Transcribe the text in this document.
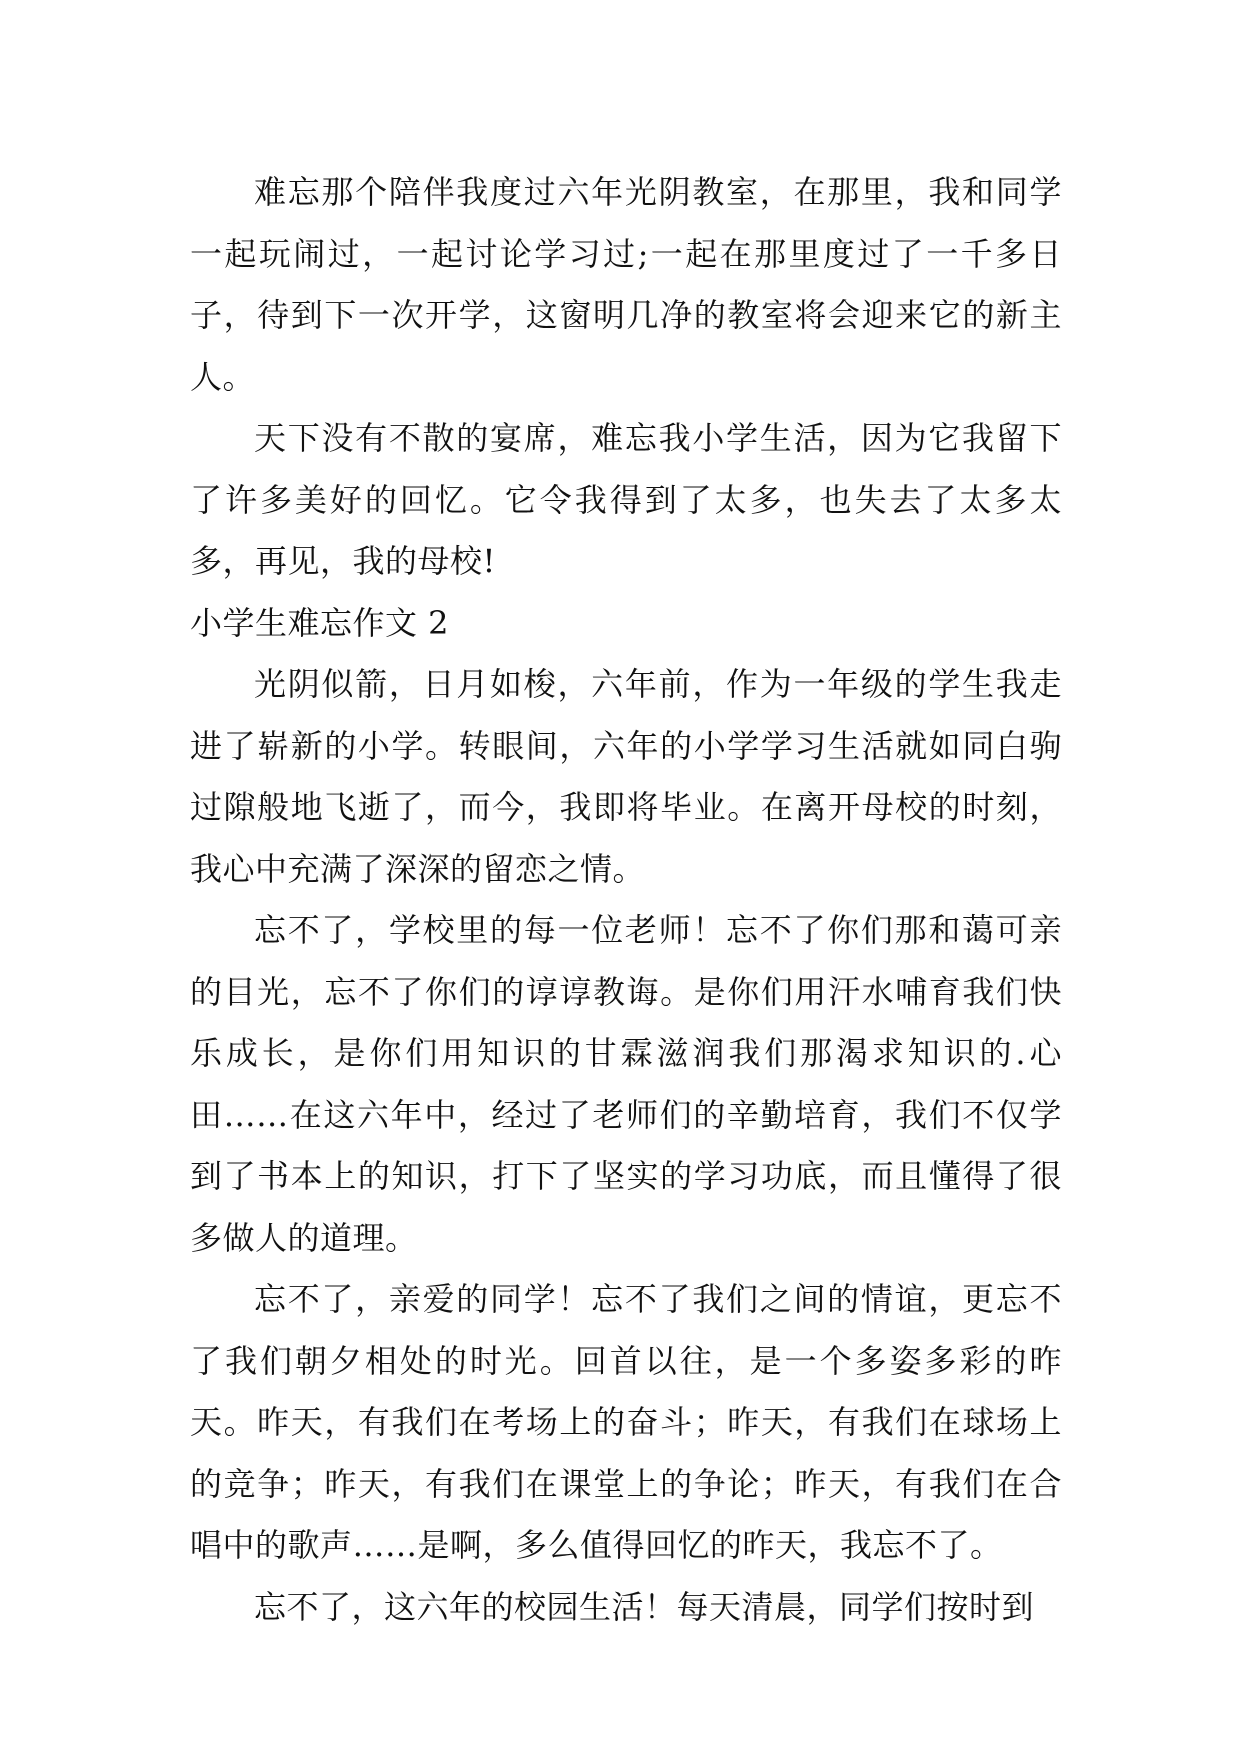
难忘那个陪伴我度过六年光阴教室，在那里，我和同学一起玩闹过，一起讨论学习过;一起在那里度过了一千多日子，待到下一次开学，这窗明几净的教室将会迎来它的新主人。

天下没有不散的宴席，难忘我小学生活，因为它我留下了许多美好的回忆。它令我得到了太多，也失去了太多太多，再见，我的母校!

小学生难忘作文 2

光阴似箭，日月如梭，六年前，作为一年级的学生我走进了崭新的小学。转眼间，六年的小学学习生活就如同白驹过隙般地飞逝了，而今，我即将毕业。在离开母校的时刻，我心中充满了深深的留恋之情。

忘不了，学校里的每一位老师！忘不了你们那和蔼可亲的目光，忘不了你们的谆谆教诲。是你们用汗水哺育我们快乐成长，是你们用知识的甘霖滋润我们那渴求知识的.心田……在这六年中，经过了老师们的辛勤培育，我们不仅学到了书本上的知识，打下了坚实的学习功底，而且懂得了很多做人的道理。

忘不了，亲爱的同学！忘不了我们之间的情谊，更忘不了我们朝夕相处的时光。回首以往，是一个多姿多彩的昨天。昨天，有我们在考场上的奋斗；昨天，有我们在球场上的竞争；昨天，有我们在课堂上的争论；昨天，有我们在合唱中的歌声……是啊，多么值得回忆的昨天，我忘不了。

忘不了，这六年的校园生活！每天清晨，同学们按时到
